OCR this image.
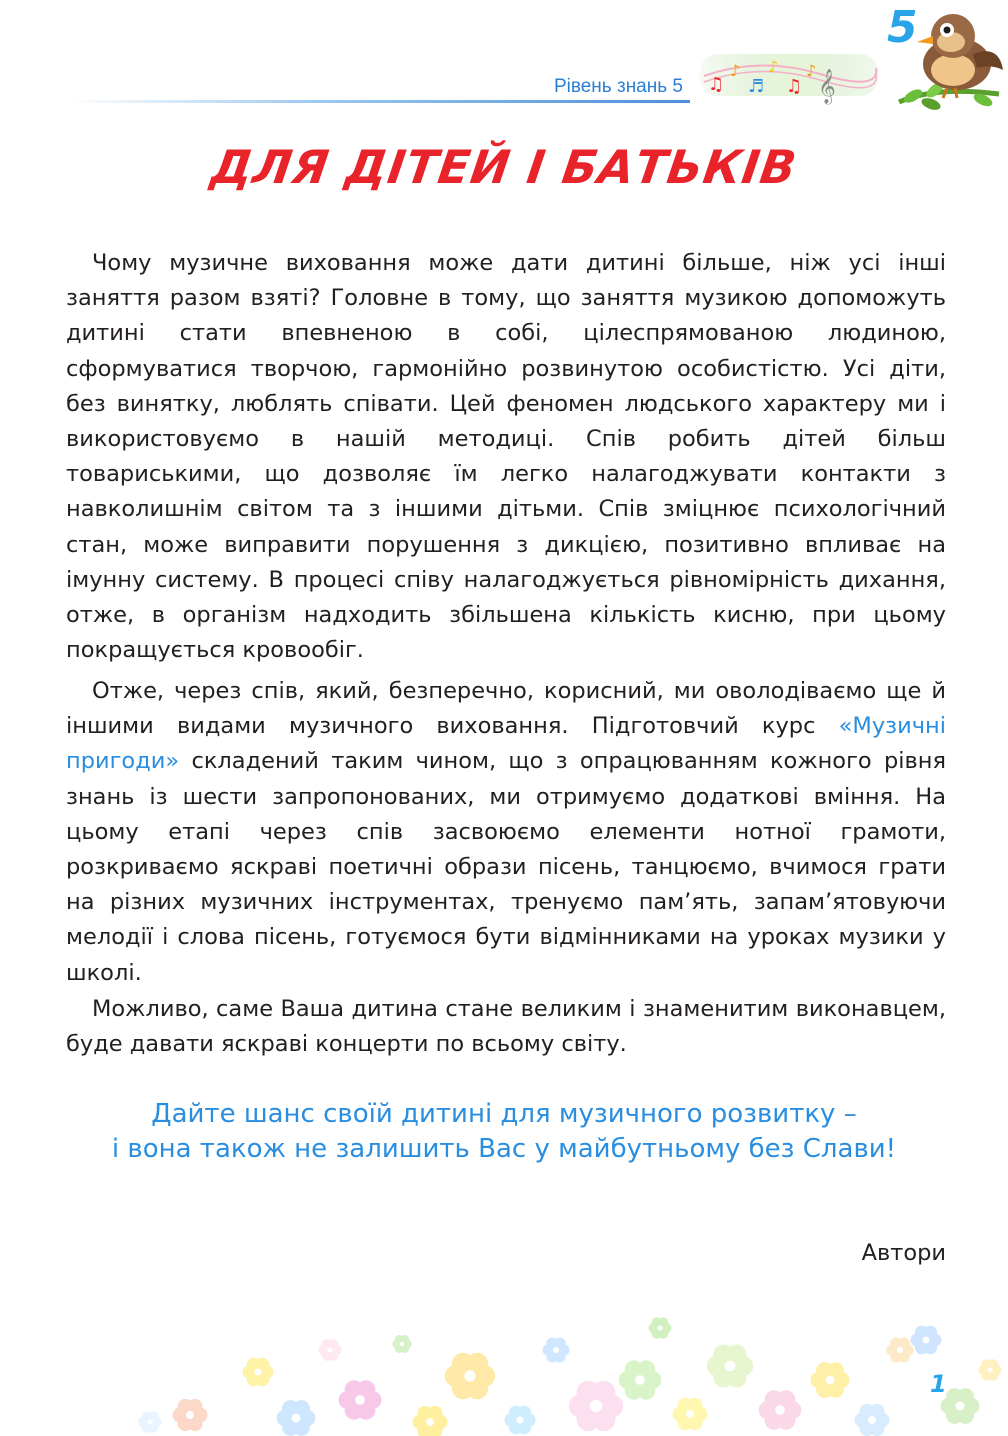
Рівень знань 5 ♫
♪
♬
♪
♫
♪ 𝄞
5
ДЛЯ ДІТЕЙ І БАТЬКІВ

Чому музичне виховання може дати дитині більше, ніж усі інші заняття разом взяті? Головне в тому, що заняття музикою допоможуть дитині стати впевненою в собі, цілеспрямованою людиною, сформуватися творчою, гармонійно розвинутою особистістю. Усі діти, без винятку, люблять співати. Цей феномен людського характеру ми і використовуємо в нашій методиці. Спів робить дітей більш товариськими, що дозволяє їм легко налагоджувати контакти з навколишнім світом та з іншими дітьми. Спів зміцнює психологічний стан, може виправити порушення з дикцією, позитивно впливає на імунну систему. В процесі співу налагоджується рівномірність дихання, отже, в організм надходить збільшена кількість кисню, при цьому покращується кровообіг.

Отже, через спів, який, безперечно, корисний, ми оволодіваємо ще й іншими видами музичного виховання. Підготовчий курс «Музичні пригоди» складений таким чином, що з опрацюванням кожного рівня знань із шести запропонованих, ми отримуємо додаткові вміння. На цьому етапі через спів засвоюємо елементи нотної грамоти, розкриваємо яскраві поетичні образи пісень, танцюємо, вчимося грати на різних музичних інструментах, тренуємо пам’ять, запам’ятовуючи мелодії і слова пісень, готуємося бути відмінниками на уроках музики у школі.

Можливо, саме Ваша дитина стане великим і знаменитим виконавцем, буде давати яскраві концерти по всьому світу.

Дайте шанс своїй дитині для музичного розвитку –
і вона також не залишить Вас у майбутньому без Слави!
Автори
1
